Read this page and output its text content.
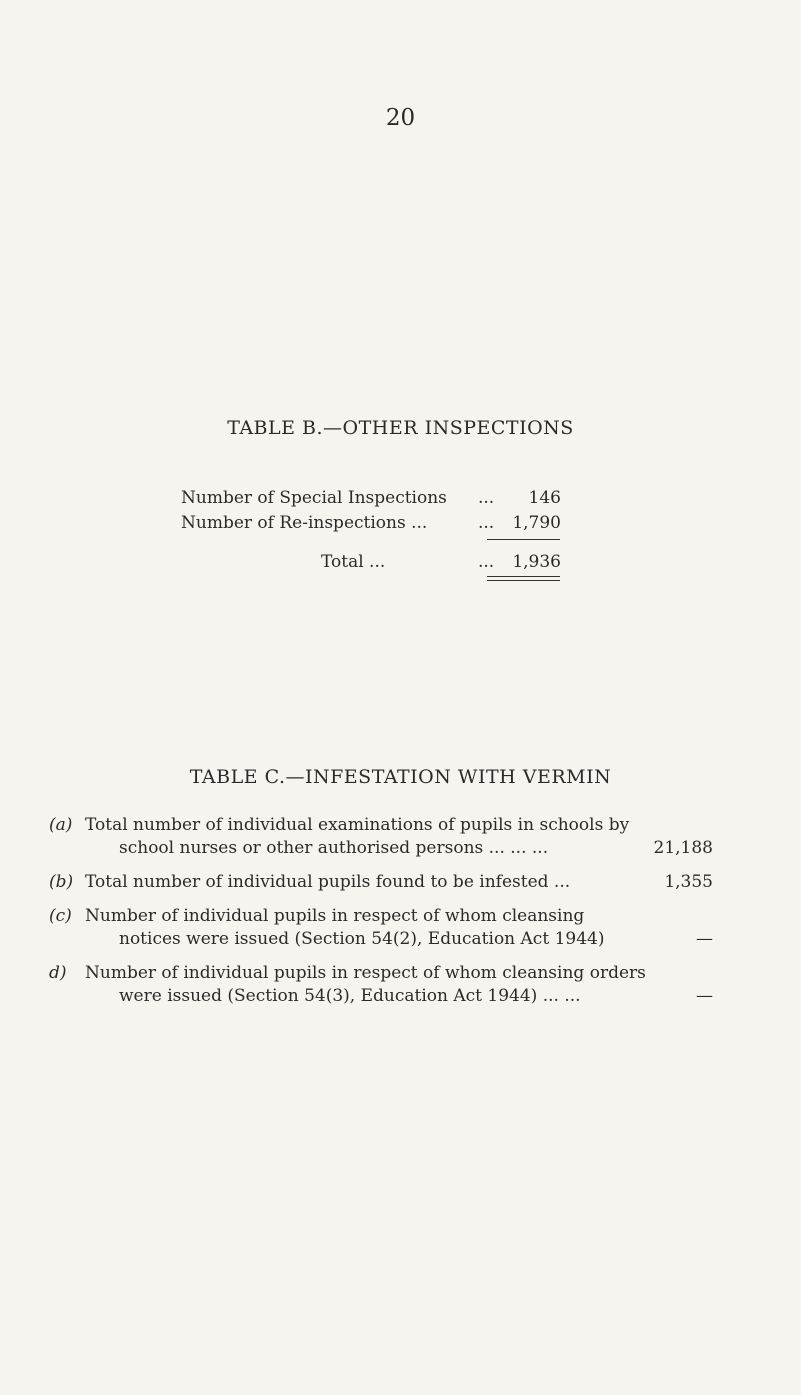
20
TABLE B.—OTHER INSPECTIONS
Number of Special Inspections ...	146
Number of Re-inspections ...	...	1,790
Total ...	...	1,936
TABLE C.—INFESTATION WITH VERMIN
(a) Total number of individual examinations of pupils in schools by
school nurses or other authorised persons ... ... ...	21,188
(b) Total number of individual pupils found to be infested ...	1,355
(c) Number of individual pupils in respect of whom cleansing
notices were issued (Section 54(2), Education Act 1944)	—
d) Number of individual pupils in respect of whom cleansing orders
were issued (Section 54(3), Education Act 1944) ... ...	—
